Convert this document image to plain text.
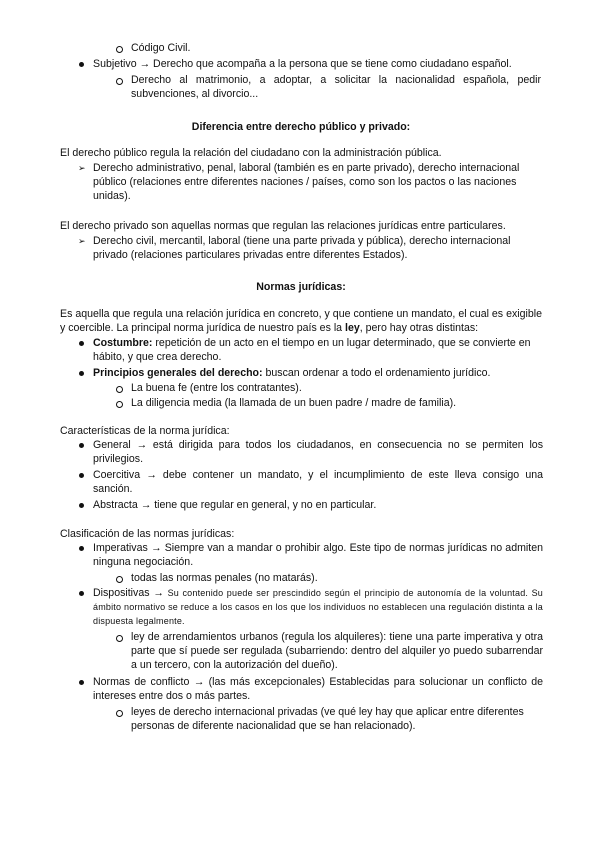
Código Civil.
Subjetivo → Derecho que acompaña a la persona que se tiene como ciudadano español.
Derecho al matrimonio, a adoptar, a solicitar la nacionalidad española, pedir subvenciones, al divorcio...
Diferencia entre derecho público y privado:
El derecho público regula la relación del ciudadano con la administración pública.
➢ Derecho administrativo, penal, laboral (también es en parte privado), derecho internacional público (relaciones entre diferentes naciones / países, como son los pactos o las naciones unidas).
El derecho privado son aquellas normas que regulan las relaciones jurídicas entre particulares.
➢ Derecho civil, mercantil, laboral (tiene una parte privada y pública), derecho internacional privado (relaciones particulares privadas entre diferentes Estados).
Normas jurídicas:
Es aquella que regula una relación jurídica en concreto, y que contiene un mandato, el cual es exigible y coercible. La principal norma jurídica de nuestro país es la ley, pero hay otras distintas:
Costumbre: repetición de un acto en el tiempo en un lugar determinado, que se convierte en hábito, y que crea derecho.
Principios generales del derecho: buscan ordenar a todo el ordenamiento jurídico.
La buena fe (entre los contratantes).
La diligencia media (la llamada de un buen padre / madre de familia).
Características de la norma jurídica:
General → está dirigida para todos los ciudadanos, en consecuencia no se permiten los privilegios.
Coercitiva → debe contener un mandato, y el incumplimiento de este lleva consigo una sanción.
Abstracta → tiene que regular en general, y no en particular.
Clasificación de las normas jurídicas:
Imperativas → Siempre van a mandar o prohibir algo. Este tipo de normas jurídicas no admiten ninguna negociación.
todas las normas penales (no matarás).
Dispositivas → Su contenido puede ser prescindido según el principio de autonomía de la voluntad. Su ámbito normativo se reduce a los casos en los que los individuos no establecen una regulación distinta a la dispuesta legalmente.
ley de arrendamientos urbanos (regula los alquileres): tiene una parte imperativa y otra parte que sí puede ser regulada (subarriendo: dentro del alquiler yo puedo subarrendar a un tercero, con la autorización del dueño).
Normas de conflicto → (las más excepcionales) Establecidas para solucionar un conflicto de intereses entre dos o más partes.
leyes de derecho internacional privadas (ve qué ley hay que aplicar entre diferentes personas de diferente nacionalidad que se han relacionado).
